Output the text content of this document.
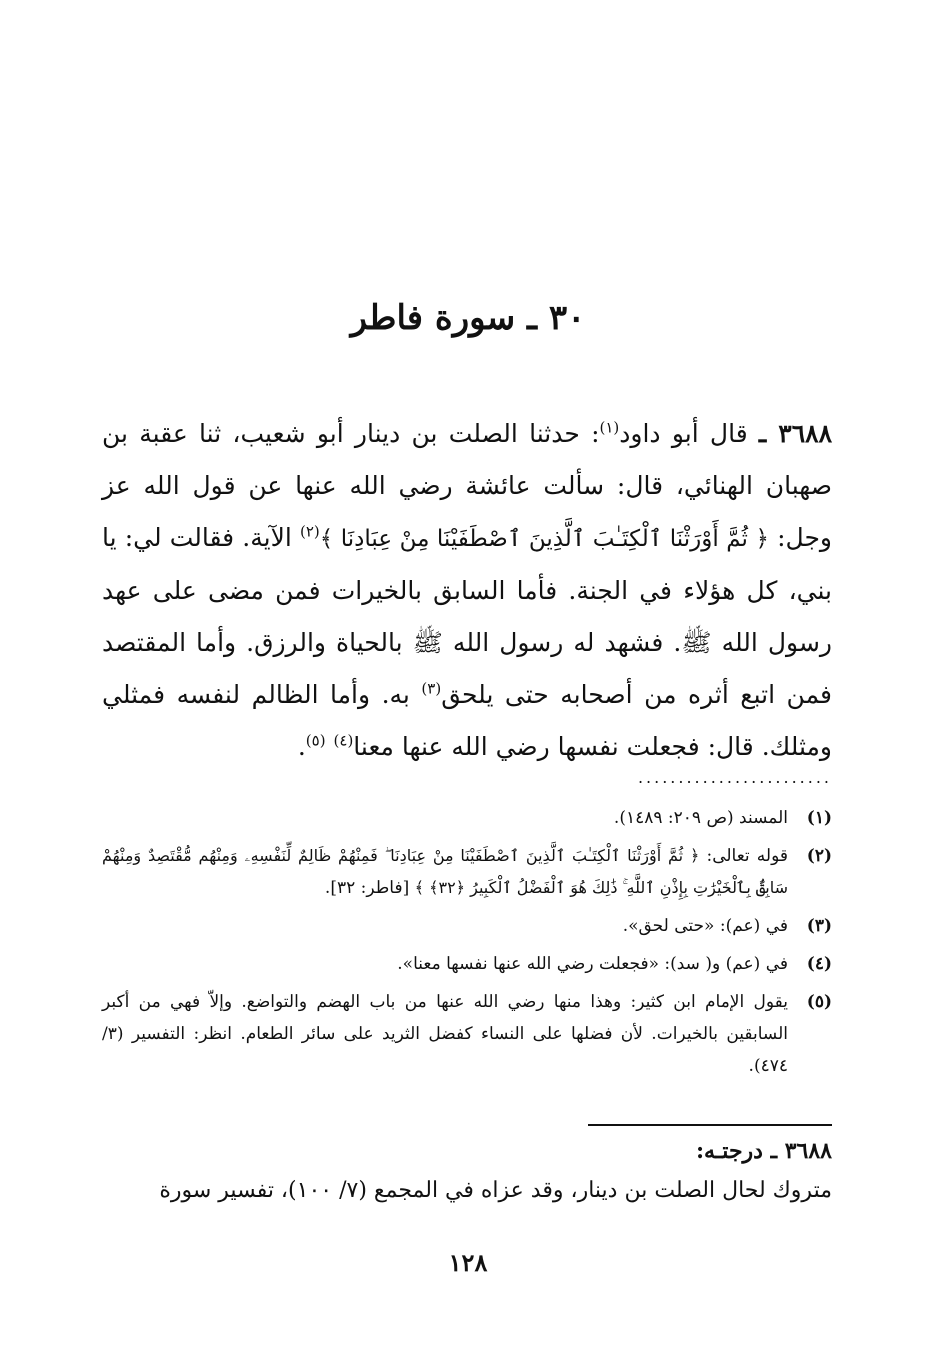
٣٠ ـ سورة فاطر

٣٦٨٨ ـ قال أبو داود$^{(١)}$: حدثنا الصلت بن دينار أبو شعيب، ثنا عقبة بن صهبان الهنائي، قال: سألت عائشة رضي الله عنها عن قول الله عز وجل: ﴿ ثُمَّ أَوْرَثْنَا ٱلْكِتَـٰبَ ٱلَّذِينَ ٱصْطَفَيْنَا مِنْ عِبَادِنَا ﴾$^{(٢)}$ الآية. فقالت لي: يا بني، كل هؤلاء في الجنة. فأما السابق بالخيرات فمن مضى على عهد رسول الله ﷺ. فشهد له رسول الله ﷺ بالحياة والرزق. وأما المقتصد فمن اتبع أثره من أصحابه حتى يلحق$^{(٣)}$ به. وأما الظالم لنفسه فمثلي ومثلك. قال: فجعلت نفسها رضي الله عنها معنا$^{(٤)}$ $^{(٥)}$.

........................
(١)
المسند (ص ٢٠٩: ١٤٨٩).
(٢)
قوله تعالى: ﴿ ثُمَّ أَوْرَثْنَا ٱلْكِتَـٰبَ ٱلَّذِينَ ٱصْطَفَيْنَا مِنْ عِبَادِنَا ۖ فَمِنْهُمْ ظَالِمٌ لِّنَفْسِهِۦ وَمِنْهُم مُّقْتَصِدٌ وَمِنْهُمْ سَابِقٌۢ بِٱلْخَيْرَٰتِ بِإِذْنِ ٱللَّهِ ۚ ذَٰلِكَ هُوَ ٱلْفَضْلُ ٱلْكَبِيرُ ﴿٣٢﴾ ﴾ [فاطر: ٣٢].
(٣)
في (عم): «حتى لحق».
(٤)
في (عم) و( سد): «فجعلت رضي الله عنها نفسها معنا».
(٥)
يقول الإمام ابن كثير: وهذا منها رضي الله عنها من باب الهضم والتواضع. وإلاّ فهي من أكبر السابقين بالخيرات. لأن فضلها على النساء كفضل الثريد على سائر الطعام. انظر: التفسير (٣/ ٤٧٤).
٣٦٨٨ ـ درجتـه:

متروك لحال الصلت بن دينار، وقد عزاه في المجمع (٧/ ١٠٠)، تفسير سورة

١٢٨
